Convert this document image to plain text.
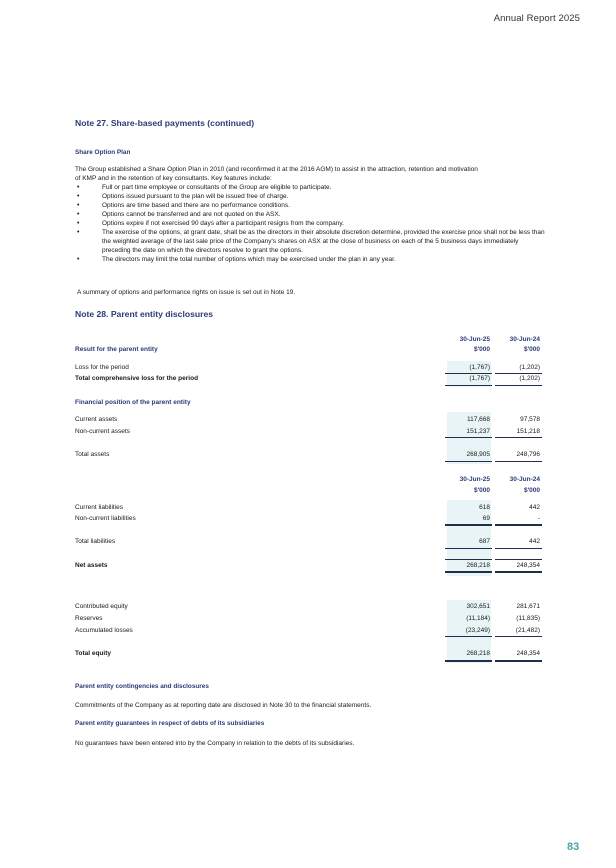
Annual Report 2025
Note 27. Share-based payments (continued)
Share Option Plan
The Group established a Share Option Plan in 2010 (and reconfirmed it at the 2016 AGM) to assist in the attraction, retention and motivation
of KMP and in the retention of key consultants. Key features include:
•	Full or part time employee or consultants of the Group are eligible to participate.
•	Options issued pursuant to the plan will be issued free of charge.
•	Options are time based and there are no performance conditions.
•	Options cannot be transferred and are not quoted on the ASX.
•	Options expire if not exercised 90 days after a participant resigns from the company.
•	The exercise of the options, at grant date, shall be as the directors in their absolute discretion determine, provided the exercise price shall not be less than the weighted average of the last sale price of the Company's shares on ASX at the close of business on each of the 5 business days immediately preceding the date on which the directors resolve to grant the options.
•	The directors may limit the total number of options which may be exercised under the plan in any year.
A summary of options and performance rights on issue is set out in Note 19.
Note 28. Parent entity disclosures
30-Jun-25	30-Jun-24
Result for the parent entity	$'000	$'000
Loss for the period	(1,767)	(1,202)
Total comprehensive loss for the period	(1,767)	(1,202)
Financial position of the parent entity
Current assets	117,668	97,578
Non-current assets	151,237	151,218
Total assets	268,905	248,796
30-Jun-25	30-Jun-24
$'000	$'000
Current liabilities	618	442
Non-current liabilities	69	-
Total liabilities	687	442
Net assets	268,218	248,354
Contributed equity	302,651	281,671
Reserves	(11,184)	(11,835)
Accumulated losses	(23,249)	(21,482)
Total equity	268,218	248,354
Parent entity contingencies and disclosures
Commitments of the Company as at reporting date are disclosed in Note 30 to the financial statements.
Parent entity guarantees in respect of debts of its subsidiaries
No guarantees have been entered into by the Company in relation to the debts of its subsidiaries.
83
